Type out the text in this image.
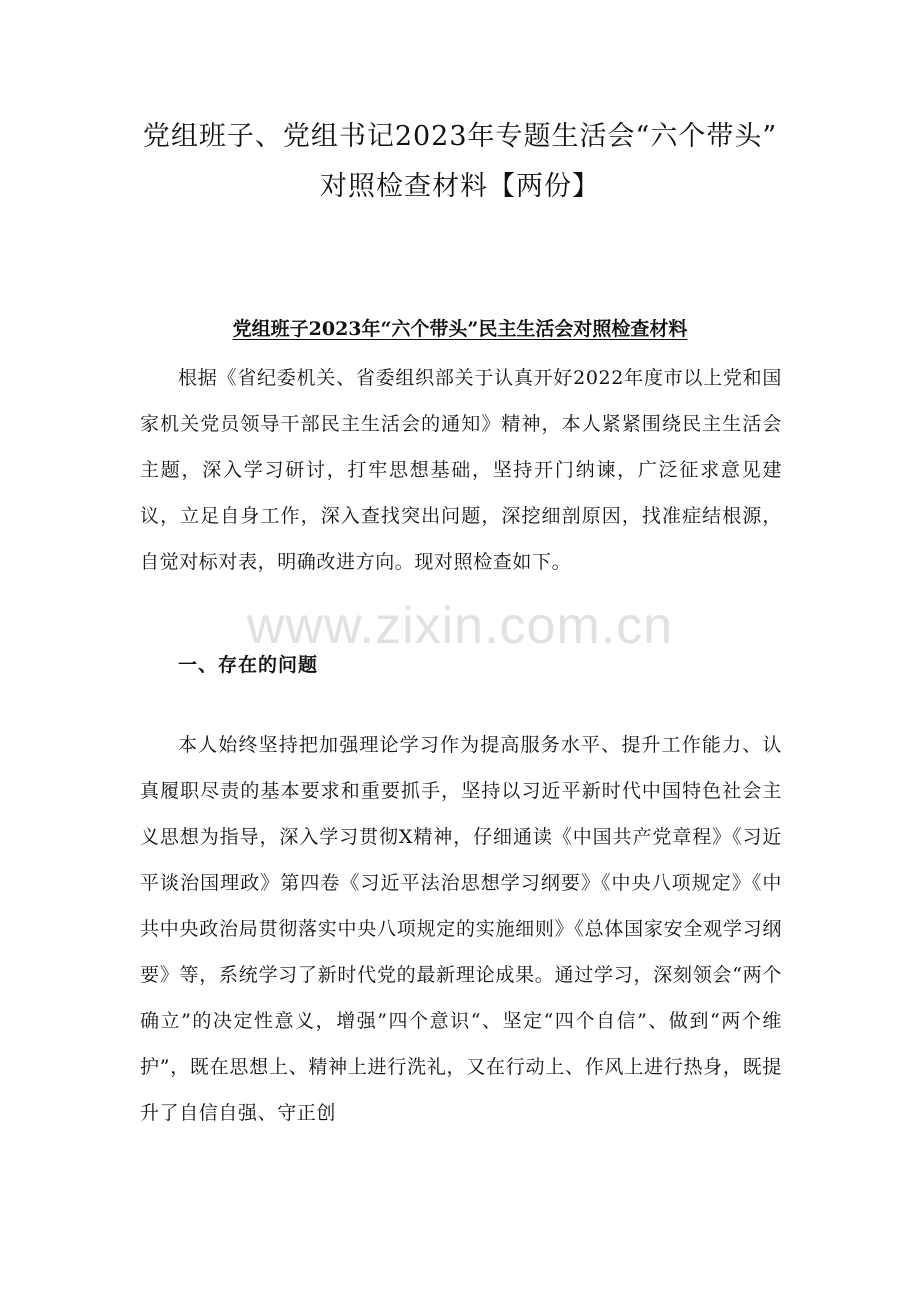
党组班子、党组书记2023年专题生活会“六个带头”
对照检查材料【两份】
党组班子2023年“六个带头”民主生活会对照检查材料

根据《省纪委机关、省委组织部关于认真开好2022年度市以上党和国家机关党员领导干部民主生活会的通知》精神，本人紧紧围绕民主生活会主题，深入学习研讨，打牢思想基础，坚持开门纳谏，广泛征求意见建议，立足自身工作，深入查找突出问题，深挖细剖原因，找准症结根源，自觉对标对表，明确改进方向。现对照检查如下。

www.zixin.com.cn
一、存在的问题

本人始终坚持把加强理论学习作为提高服务水平、提升工作能力、认真履职尽责的基本要求和重要抓手，坚持以习近平新时代中国特色社会主义思想为指导，深入学习贯彻X精神，仔细通读《中国共产党章程》《习近平谈治国理政》第四卷《习近平法治思想学习纲要》《中央八项规定》《中共中央政治局贯彻落实中央八项规定的实施细则》《总体国家安全观学习纲要》等，系统学习了新时代党的最新理论成果。通过学习，深刻领会“两个确立”的决定性意义，增强”四个意识“、坚定“四个自信”、做到“两个维护”，既在思想上、精神上进行洗礼，又在行动上、作风上进行热身，既提升了自信自强、守正创
